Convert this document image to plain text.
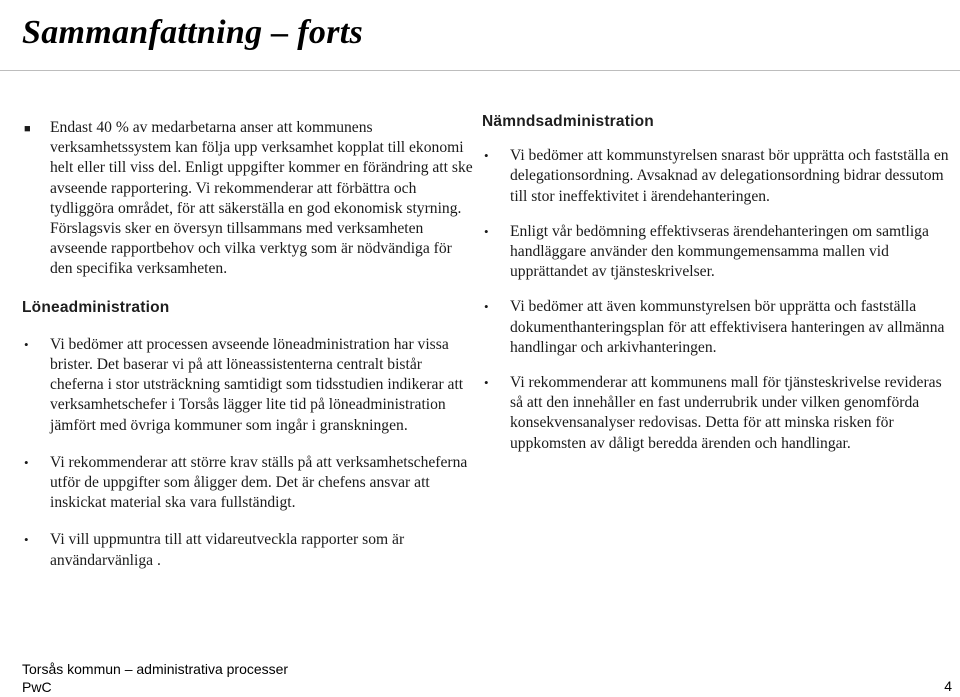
Sammanfattning – forts
■ Endast 40 % av medarbetarna anser att kommunens verksamhetssystem kan följa upp verksamhet kopplat till ekonomi helt eller till viss del. Enligt uppgifter kommer en förändring att ske avseende rapportering. Vi rekommenderar att förbättra och tydliggöra området, för att säkerställa en god ekonomisk styrning. Förslagsvis sker en översyn tillsammans med verksamheten avseende rapportbehov och vilka verktyg som är nödvändiga för den specifika verksamheten.
Löneadministration
• Vi bedömer att processen avseende löneadministration har vissa brister. Det baserar vi på att löneassistenterna centralt bistår cheferna i stor utsträckning samtidigt som tidsstudien indikerar att verksamhetschefer i Torsås lägger lite tid på löneadministration jämfört med övriga kommuner som ingår i granskningen.
• Vi rekommenderar att större krav ställs på att verksamhetscheferna utför de uppgifter som åligger dem. Det är chefens ansvar att inskickat material ska vara fullständigt.
• Vi vill uppmuntra till att vidareutveckla rapporter som är användarvänliga .
Nämndsadministration
• Vi bedömer att kommunstyrelsen snarast bör upprätta och fastställa en delegationsordning. Avsaknad av delegationsordning bidrar dessutom till stor ineffektivitet i ärendehanteringen.
• Enligt vår bedömning effektivseras ärendehanteringen om samtliga handläggare använder den kommungemensamma mallen vid upprättandet av tjänsteskrivelser.
• Vi bedömer att även kommunstyrelsen bör upprätta och fastställa dokumenthanteringsplan för att effektivisera hanteringen av allmänna handlingar och arkivhanteringen.
• Vi rekommenderar att kommunens mall för tjänsteskrivelse revideras så att den innehåller en fast underrubrik under vilken genomförda konsekvensanalyser redovisas. Detta för att minska risken för uppkomsten av dåligt beredda ärenden och handlingar.
Torsås kommun – administrativa processer
PwC	4
